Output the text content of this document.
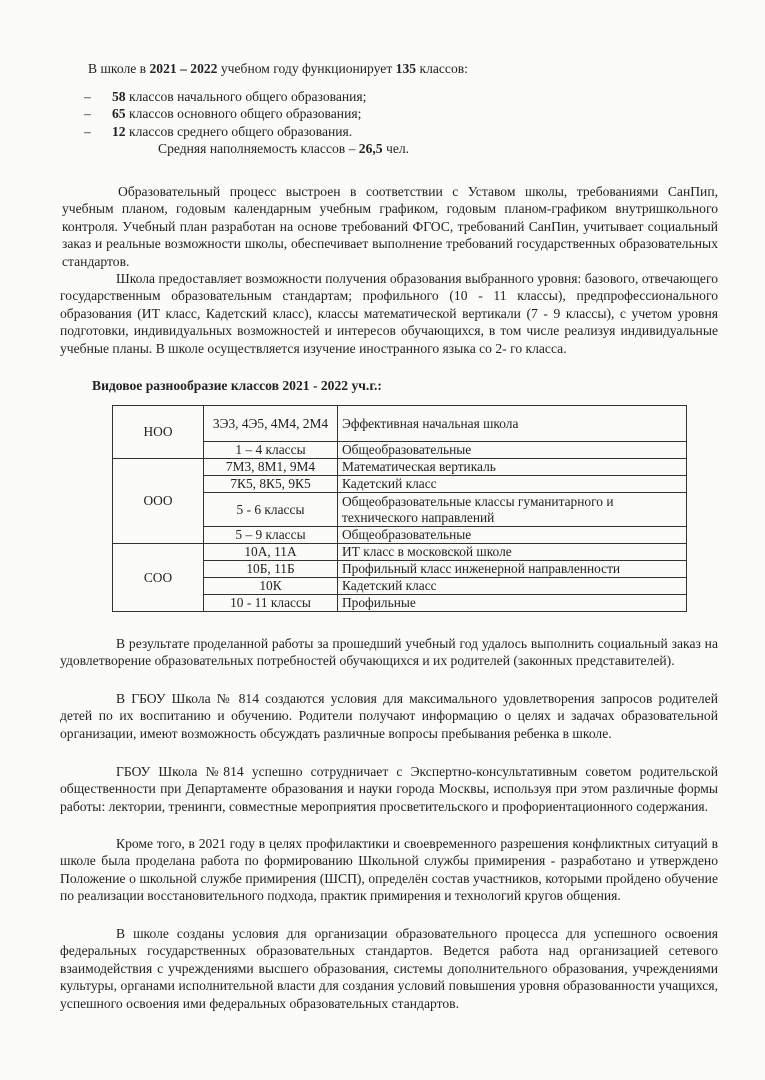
В школе в 2021 – 2022 учебном году функционирует 135 классов:

–	58 классов начального общего образования;
–	65 классов основного общего образования;
–	12 классов среднего общего образования.

Средняя наполняемость классов – 26,5 чел.

Образовательный процесс выстроен в соответствии с Уставом школы, требованиями СанПип, учебным планом, годовым календарным учебным графиком, годовым планом-графиком внутришкольного контроля. Учебный план разработан на основе требований ФГОС, требований СанПин, учитывает социальный заказ и реальные возможности школы, обеспечивает выполнение требований государственных образовательных стандартов.

Школа предоставляет возможности получения образования выбранного уровня: базового, отвечающего государственным образовательным стандартам; профильного (10 - 11 классы), предпрофессионального образования (ИТ класс, Кадетский класс), классы математической вертикали (7 - 9 классы), с учетом уровня подготовки, индивидуальных возможностей и интересов обучающихся, в том числе реализуя индивидуальные учебные планы. В школе осуществляется изучение иностранного языка со 2- го класса.

Видовое разнообразие классов 2021 - 2022 уч.г.:

НОО	3Э3, 4Э5, 4М4, 2М4	Эффективная начальная школа
	1 – 4 классы	Общеобразовательные
ООО	7М3, 8М1, 9М4	Математическая вертикаль
	7К5, 8К5, 9К5	Кадетский класс
	5 - 6 классы	Общеобразовательные классы гуманитарного и технического направлений
	5 – 9 классы	Общеобразовательные
СОО	10А, 11А	ИТ класс в московской школе
	10Б, 11Б	Профильный класс инженерной направленности
	10К	Кадетский класс
	10 - 11 классы	Профильные

В результате проделанной работы за прошедший учебный год удалось выполнить социальный заказ на удовлетворение образовательных потребностей обучающихся и их родителей (законных представителей).

В ГБОУ Школа № 814 создаются условия для максимального удовлетворения запросов родителей детей по их воспитанию и обучению. Родители получают информацию о целях и задачах образовательной организации, имеют возможность обсуждать различные вопросы пребывания ребенка в школе.

ГБОУ Школа №814 успешно сотрудничает с Экспертно-консультативным советом родительской общественности при Департаменте образования и науки города Москвы, используя при этом различные формы работы: лектории, тренинги, совместные мероприятия просветительского и профориентационного содержания.

Кроме того, в 2021 году в целях профилактики и своевременного разрешения конфликтных ситуаций в школе была проделана работа по формированию Школьной службы примирения - разработано и утверждено Положение о школьной службе примирения (ШСП), определён состав участников, которыми пройдено обучение по реализации восстановительного подхода, практик примирения и технологий кругов общения.

В школе созданы условия для организации образовательного процесса для успешного освоения федеральных государственных образовательных стандартов. Ведется работа над организацией сетевого взаимодействия с учреждениями высшего образования, системы дополнительного образования, учреждениями культуры, органами исполнительной власти для создания условий повышения уровня образованности учащихся, успешного освоения ими федеральных образовательных стандартов.
